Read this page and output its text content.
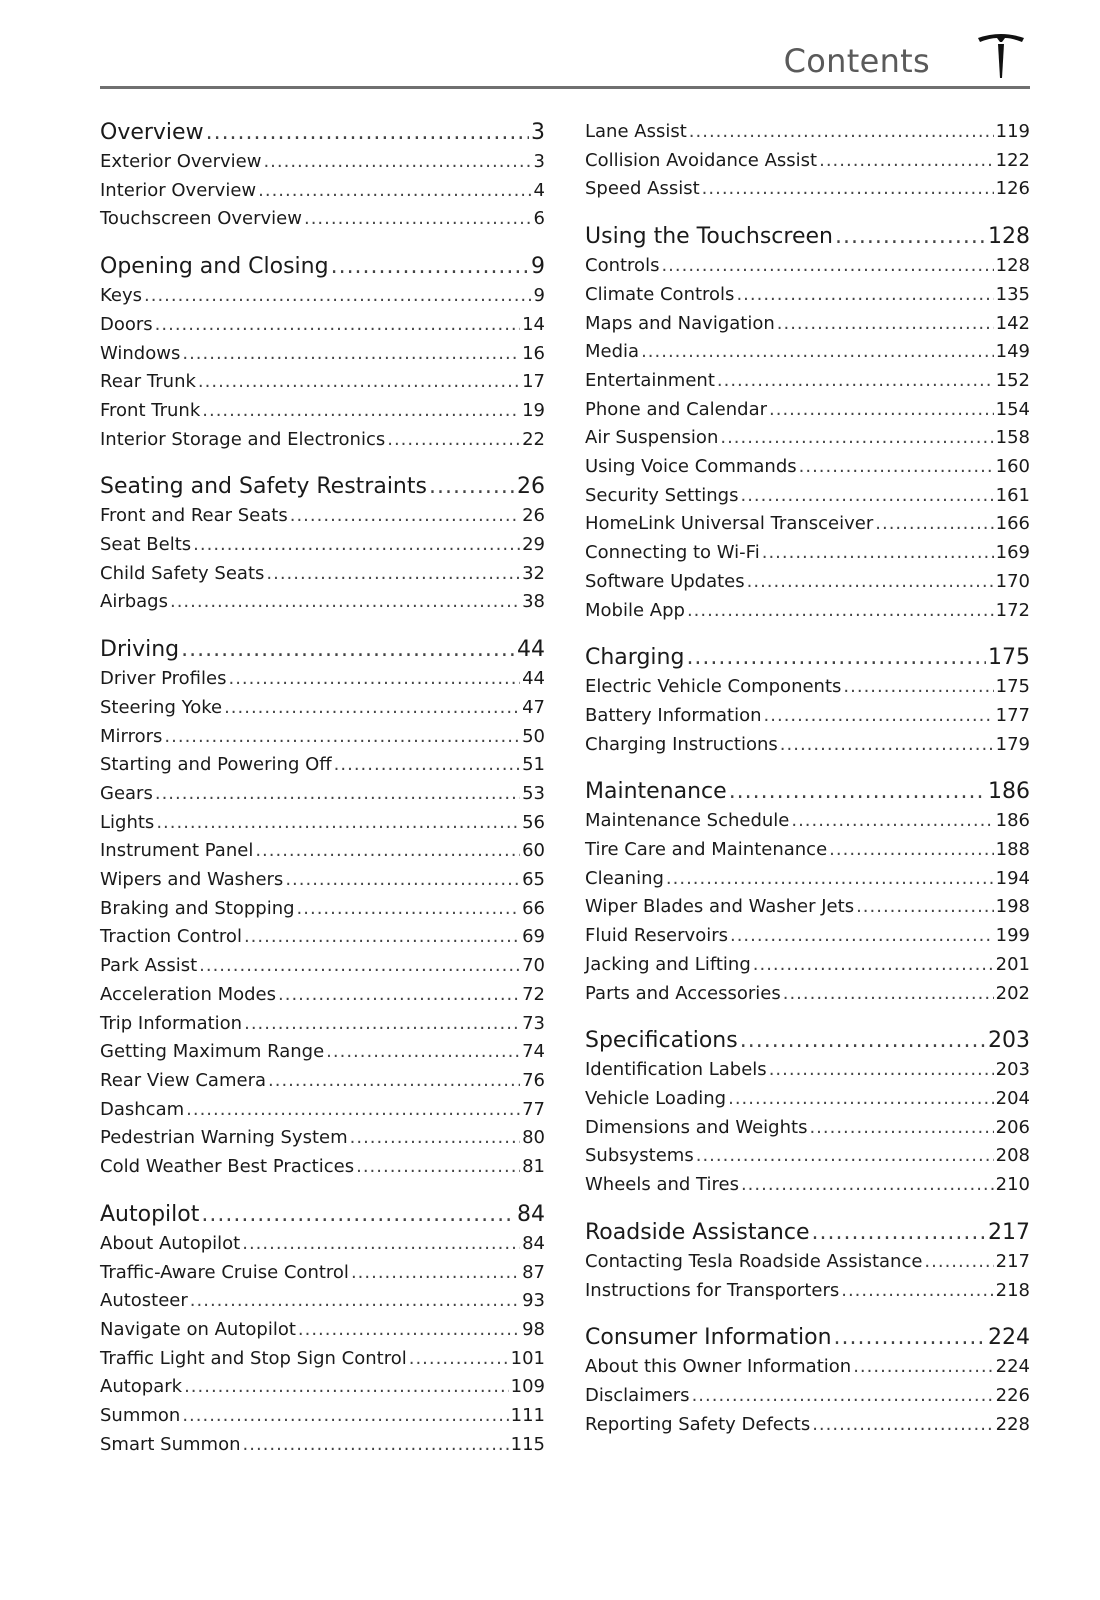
Contents
Overview .....	3
Exterior Overview .....	3
Interior Overview .....	4
Touchscreen Overview .....	6
Opening and Closing .....	9
Keys .....	9
Doors .....	14
Windows .....	16
Rear Trunk .....	17
Front Trunk .....	19
Interior Storage and Electronics .....	22
Seating and Safety Restraints .....	26
Front and Rear Seats .....	26
Seat Belts .....	29
Child Safety Seats .....	32
Airbags .....	38
Driving .....	44
Driver Profiles .....	44
Steering Yoke .....	47
Mirrors .....	50
Starting and Powering Off .....	51
Gears .....	53
Lights .....	56
Instrument Panel .....	60
Wipers and Washers .....	65
Braking and Stopping .....	66
Traction Control .....	69
Park Assist .....	70
Acceleration Modes .....	72
Trip Information .....	73
Getting Maximum Range .....	74
Rear View Camera .....	76
Dashcam .....	77
Pedestrian Warning System .....	80
Cold Weather Best Practices .....	81
Autopilot .....	84
About Autopilot .....	84
Traffic-Aware Cruise Control .....	87
Autosteer .....	93
Navigate on Autopilot .....	98
Traffic Light and Stop Sign Control .....	101
Autopark .....	109
Summon .....	111
Smart Summon .....	115
Lane Assist .....	119
Collision Avoidance Assist .....	122
Speed Assist .....	126
Using the Touchscreen .....	128
Controls .....	128
Climate Controls .....	135
Maps and Navigation .....	142
Media .....	149
Entertainment .....	152
Phone and Calendar .....	154
Air Suspension .....	158
Using Voice Commands .....	160
Security Settings .....	161
HomeLink Universal Transceiver .....	166
Connecting to Wi-Fi .....	169
Software Updates .....	170
Mobile App .....	172
Charging .....	175
Electric Vehicle Components .....	175
Battery Information .....	177
Charging Instructions .....	179
Maintenance .....	186
Maintenance Schedule .....	186
Tire Care and Maintenance .....	188
Cleaning .....	194
Wiper Blades and Washer Jets .....	198
Fluid Reservoirs .....	199
Jacking and Lifting .....	201
Parts and Accessories .....	202
Specifications .....	203
Identification Labels .....	203
Vehicle Loading .....	204
Dimensions and Weights .....	206
Subsystems .....	208
Wheels and Tires .....	210
Roadside Assistance .....	217
Contacting Tesla Roadside Assistance .....	217
Instructions for Transporters .....	218
Consumer Information .....	224
About this Owner Information .....	224
Disclaimers .....	226
Reporting Safety Defects .....	228
